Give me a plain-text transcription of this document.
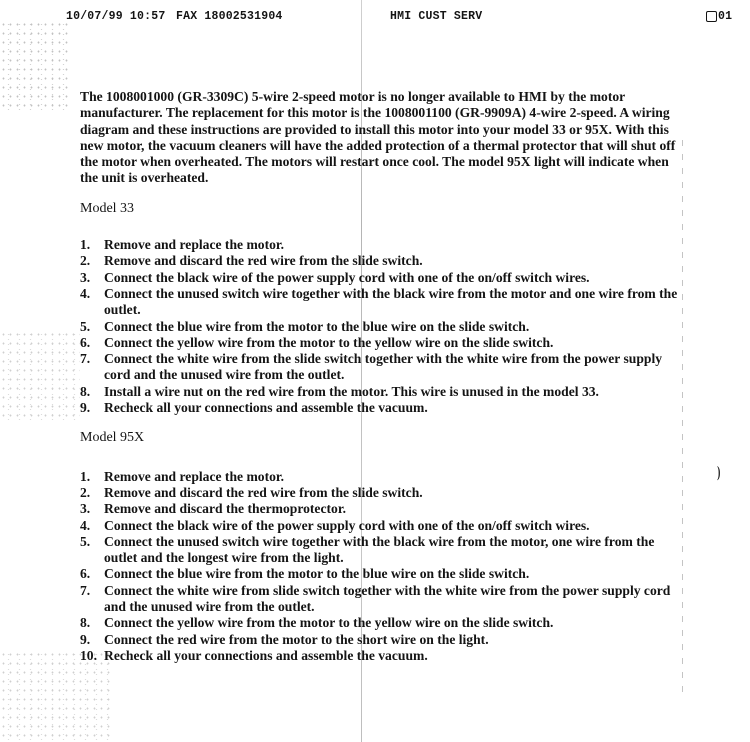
)
10/07/99 10:57 FAX 18002531904	HMI CUST SERV	01

The 1008001000 (GR-3309C) 5-wire 2-speed motor is no longer available to HMI by the motor manufacturer. The replacement for this motor is the 1008001100 (GR-9909A) 4-wire 2-speed. A wiring diagram and these instructions are provided to install this motor into your model 33 or 95X. With this new motor, the vacuum cleaners will have the added protection of a thermal protector that will shut off the motor when overheated. The motors will restart once cool. The model 95X light will indicate when the unit is overheated.

Model 33
1.	Remove and replace the motor.
2.	Remove and discard the red wire from the slide switch.
3.	Connect the black wire of the power supply cord with one of the on/off switch wires.
4.	Connect the unused switch wire together with the black wire from the motor and one wire from the outlet.
5.	Connect the blue wire from the motor to the blue wire on the slide switch.
6.	Connect the yellow wire from the motor to the yellow wire on the slide switch.
7.	Connect the white wire from the slide switch together with the white wire from the power supply cord and the unused wire from the outlet.
8.	Install a wire nut on the red wire from the motor. This wire is unused in the model 33.
9.	Recheck all your connections and assemble the vacuum.
Model 95X
1.	Remove and replace the motor.
2.	Remove and discard the red wire from the slide switch.
3.	Remove and discard the thermoprotector.
4.	Connect the black wire of the power supply cord with one of the on/off switch wires.
5.	Connect the unused switch wire together with the black wire from the motor, one wire from the outlet and the longest wire from the light.
6.	Connect the blue wire from the motor to the blue wire on the slide switch.
7.	Connect the white wire from slide switch together with the white wire from the power supply cord and the unused wire from the outlet.
8.	Connect the yellow wire from the motor to the yellow wire on the slide switch.
9.	Connect the red wire from the motor to the short wire on the light.
10. Recheck all your connections and assemble the vacuum.
